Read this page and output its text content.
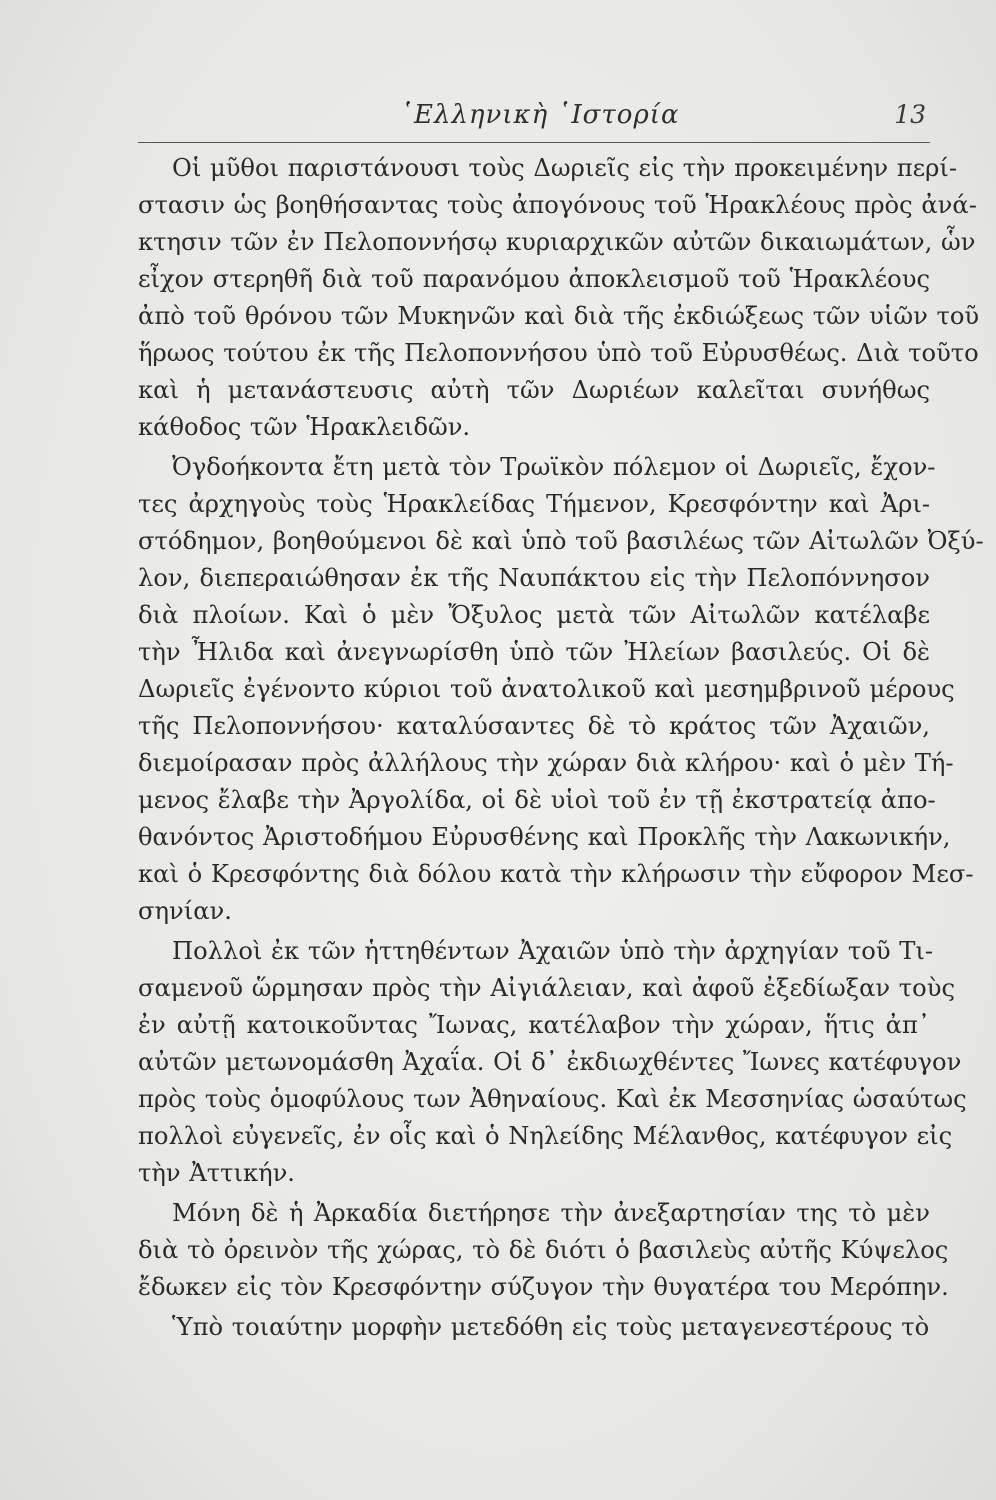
῾Ελληνικὴ ῾Ιστορία	13
Οἱ μῦθοι παριστάνουσι τοὺς Δωριεῖς εἰς τὴν προκειμένην περί-
στασιν ὡς βοηθήσαντας τοὺς ἀπογόνους τοῦ Ἡρακλέους πρὸς ἀνά-
κτησιν τῶν ἐν Πελοποννήσῳ κυριαρχικῶν αὐτῶν δικαιωμάτων, ὧν
εἶχον στερηθῆ διὰ τοῦ παρανόμου ἀποκλεισμοῦ τοῦ Ἡρακλέους
ἀπὸ τοῦ θρόνου τῶν Μυκηνῶν καὶ διὰ τῆς ἐκδιώξεως τῶν υἱῶν τοῦ
ἥρωος τούτου ἐκ τῆς Πελοποννήσου ὑπὸ τοῦ Εὐρυσθέως. Διὰ τοῦτο
καὶ ἡ μετανάστευσις αὐτὴ τῶν Δωριέων καλεῖται συνήθως
κάθοδος τῶν Ἡρακλειδῶν.
Ὀγδοήκοντα ἔτη μετὰ τὸν Τρωϊκὸν πόλεμον οἱ Δωριεῖς, ἔχον-
τες ἀρχηγοὺς τοὺς Ἡρακλείδας Τήμενον, Κρεσφόντην καὶ Ἀρι-
στόδημον, βοηθούμενοι δὲ καὶ ὑπὸ τοῦ βασιλέως τῶν Αἰτωλῶν Ὀξύ-
λον, διεπεραιώθησαν ἐκ τῆς Ναυπάκτου εἰς τὴν Πελοπόννησον
διὰ πλοίων. Καὶ ὁ μὲν Ὄξυλος μετὰ τῶν Αἰτωλῶν κατέλαβε
τὴν Ἦλιδα καὶ ἀνεγνωρίσθη ὑπὸ τῶν Ἠλείων βασιλεύς. Οἱ δὲ
Δωριεῖς ἐγένοντο κύριοι τοῦ ἀνατολικοῦ καὶ μεσημβρινοῦ μέρους
τῆς Πελοποννήσου· καταλύσαντες δὲ τὸ κράτος τῶν Ἀχαιῶν,
διεμοίρασαν πρὸς ἀλλήλους τὴν χώραν διὰ κλήρου· καὶ ὁ μὲν Τή-
μενος ἔλαβε τὴν Ἀργολίδα, οἱ δὲ υἱοὶ τοῦ ἐν τῇ ἐκστρατείᾳ ἀπο-
θανόντος Ἀριστοδήμου Εὐρυσθένης καὶ Προκλῆς τὴν Λακωνικήν,
καὶ ὁ Κρεσφόντης διὰ δόλου κατὰ τὴν κλήρωσιν τὴν εὔφορον Μεσ-
σηνίαν.
Πολλοὶ ἐκ τῶν ἡττηθέντων Ἀχαιῶν ὑπὸ τὴν ἀρχηγίαν τοῦ Τι-
σαμενοῦ ὥρμησαν πρὸς τὴν Αἰγιάλειαν, καὶ ἀφοῦ ἐξεδίωξαν τοὺς
ἐν αὐτῇ κατοικοῦντας Ἴωνας, κατέλαβον τὴν χώραν, ἥτις ἀπ᾽
αὐτῶν μετωνομάσθη Ἀχαΐα. Οἱ δ᾽ ἐκδιωχθέντες Ἴωνες κατέφυγον
πρὸς τοὺς ὁμοφύλους των Ἀθηναίους. Καὶ ἐκ Μεσσηνίας ὡσαύτως
πολλοὶ εὐγενεῖς, ἐν οἷς καὶ ὁ Νηλείδης Μέλανθος, κατέφυγον εἰς
τὴν Ἀττικήν.
Μόνη δὲ ἡ Ἀρκαδία διετήρησε τὴν ἀνεξαρτησίαν της τὸ μὲν
διὰ τὸ ὀρεινὸν τῆς χώρας, τὸ δὲ διότι ὁ βασιλεὺς αὐτῆς Κύψελος
ἔδωκεν εἰς τὸν Κρεσφόντην σύζυγον τὴν θυγατέρα του Μερόπην.
Ὑπὸ τοιαύτην μορφὴν μετεδόθη εἰς τοὺς μεταγενεστέρους τὸ
